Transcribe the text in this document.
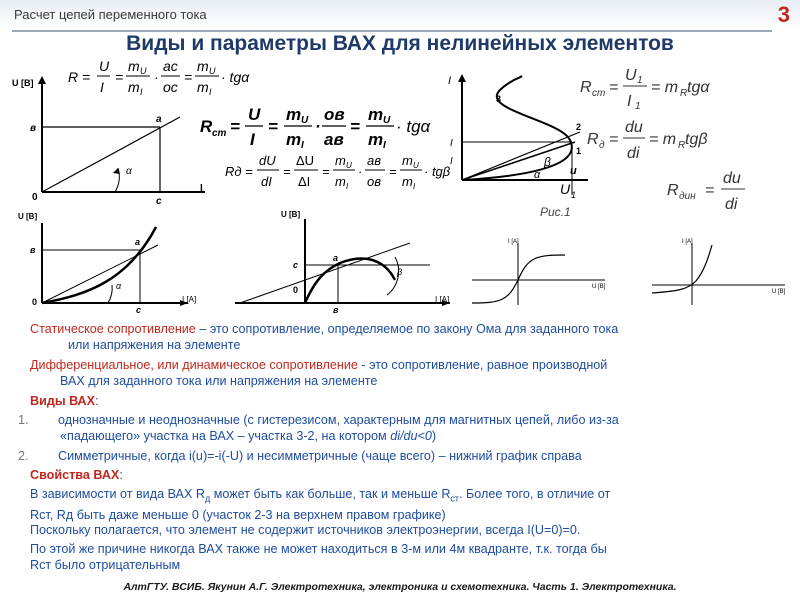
Расчет цепей переменного тока	3
Виды и параметры ВАХ для нелинейных элементов
U [B]
I
в
а
0	с
α
R =
U
I
=
m U
m I
·
ac
oc
=
m U
m I
· tgα
R ст =
U
I
=
m U
m I
·
ов
ав
=
m U
m I
· tgα
Rд =
dU
dI
=
ΔU
ΔI
=
m U
m I
·
ав
ов
=
m U
m I
· tgβ
I
u
3
2
I
I
1
β
α
U 1
Рис.1
R ст =
U 1
I 1
= m R tgα
R д =
du
di
= m R tgβ
R дин =
du
di
U [B]
I [A]
в
а
0
с
α
U [B]
I [A]
с
а
0
в
β
I [A]
U [B]
I [A]
U [B]
Статическое сопротивление – это сопротивление, определяемое по закону Ома для заданного тока
или напряжения на элементе
Дифференциальное, или динамическое сопротивление - это сопротивление, равное производной
ВАХ для заданного тока или напряжения на элементе
Виды ВАХ:
1. однозначные и неоднозначные (с гистерезисом, характерным для магнитных цепей, либо из-за
«падающего» участка на ВАХ – участка 3-2, на котором di/du<0)
2. Симметричные, когда i(u)=-i(-U) и несимметричные (чаще всего) – нижний график справа
Свойства ВАХ:
В зависимости от вида ВАХ $R_д$ может быть как больше, так и меньше $R_{ст}$. Более того, в отличие от
Rст, Rд быть даже меньше 0 (участок 2-3 на верхнем правом графике)
Поскольку полагается, что элемент не содержит источников электроэнергии, всегда I(U=0)=0.
По этой же причине никогда ВАХ также не может находиться в 3-м или 4м квадранте, т.к. тогда бы
Rст было отрицательным
АлтГТУ. ВСИБ. Якунин А.Г. Электротехника, электроника и схемотехника. Часть 1. Электротехника.
